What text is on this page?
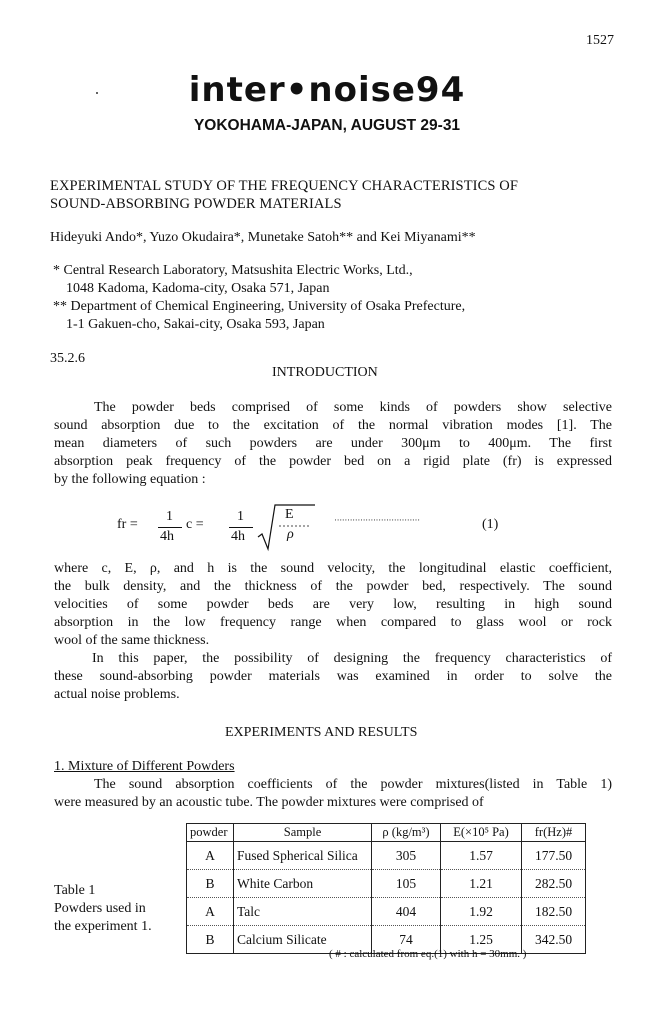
1527
inter•noise94
YOKOHAMA-JAPAN, AUGUST 29-31
EXPERIMENTAL STUDY OF THE FREQUENCY CHARACTERISTICS OF
SOUND-ABSORBING POWDER MATERIALS
Hideyuki Ando*, Yuzo Okudaira*, Munetake Satoh** and Kei Miyanami**
* Central Research Laboratory, Matsushita Electric Works, Ltd.,
1048 Kadoma, Kadoma-city, Osaka 571, Japan
** Department of Chemical Engineering, University of Osaka Prefecture,
1-1 Gakuen-cho, Sakai-city, Osaka 593, Japan
35.2.6
INTRODUCTION
The powder beds comprised of some kinds of powders show selective
sound absorption due to the excitation of the normal vibration modes [1]. The
mean diameters of such powders are under 300μm to 400μm. The first
absorption peak frequency of the powder bed on a rigid plate (fr) is expressed
by the following equation :
fr =
1
4h
c =
1
4h
E
ρ
·································	(1)
where c, E, ρ, and h is the sound velocity, the longitudinal elastic coefficient,
the bulk density, and the thickness of the powder bed, respectively. The sound
velocities of some powder beds are very low, resulting in high sound
absorption in the low frequency range when compared to glass wool or rock
wool of the same thickness.
In this paper, the possibility of designing the frequency characteristics of
these sound-absorbing powder materials was examined in order to solve the
actual noise problems.
EXPERIMENTS AND RESULTS
1. Mixture of Different Powders
The sound absorption coefficients of the powder mixtures(listed in Table 1)
were measured by an acoustic tube. The powder mixtures were comprised of
Table 1
Powders used in
the experiment 1.
powder	Sample	ρ (kg/m³)	E(×10⁵ Pa)	fr(Hz)#
A	Fused Spherical Silica	305	1.57	177.50
B	White Carbon	105	1.21	282.50
A	Talc	404	1.92	182.50
B	Calcium Silicate	74	1.25	342.50
( # : calculated from eq.(1) with h = 30mm. )
